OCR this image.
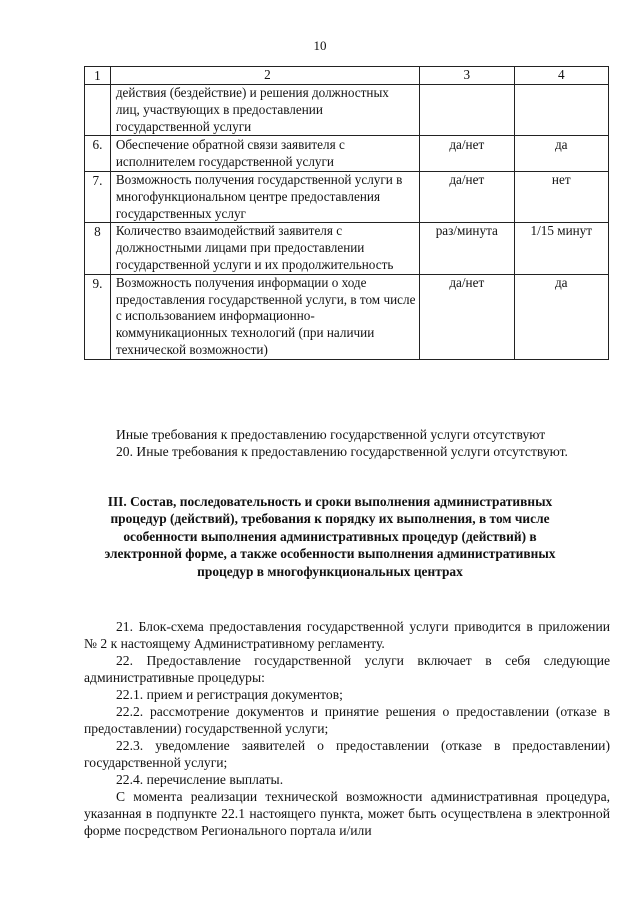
10
1	2	3	4
	действия (бездействие) и решения должностных лиц, участвующих в предоставлении государственной услуги		
6.	Обеспечение обратной связи заявителя с исполнителем государственной услуги	да/нет	да
7.	Возможность получения государственной услуги в многофункциональном центре предоставления государственных услуг	да/нет	нет
8	Количество взаимодействий заявителя с должностными лицами при предоставлении государственной услуги и их продолжительность	раз/минута	1/15 минут
9.	Возможность получения информации о ходе предоставления государственной услуги, в том числе с использованием информационно-коммуникационных технологий (при наличии технической возможности)	да/нет	да

Иные требования к предоставлению государственной услуги отсутствуют

20. Иные требования к предоставлению государственной услуги отсутствуют.

III. Состав, последовательность и сроки выполнения административных процедур (действий), требования к порядку их выполнения, в том числе особенности выполнения административных процедур (действий) в электронной форме, а также особенности выполнения административных процедур в многофункциональных центрах

21. Блок-схема предоставления государственной услуги приводится в приложении № 2 к настоящему Административному регламенту.

22. Предоставление государственной услуги включает в себя следующие административные процедуры:

22.1. прием и регистрация документов;

22.2. рассмотрение документов и принятие решения о предоставлении (отказе в предоставлении) государственной услуги;

22.3. уведомление заявителей о предоставлении (отказе в предоставлении) государственной услуги;

22.4. перечисление выплаты.

С момента реализации технической возможности административная процедура, указанная в подпункте 22.1 настоящего пункта, может быть осуществлена в электронной форме посредством Регионального портала и/или
